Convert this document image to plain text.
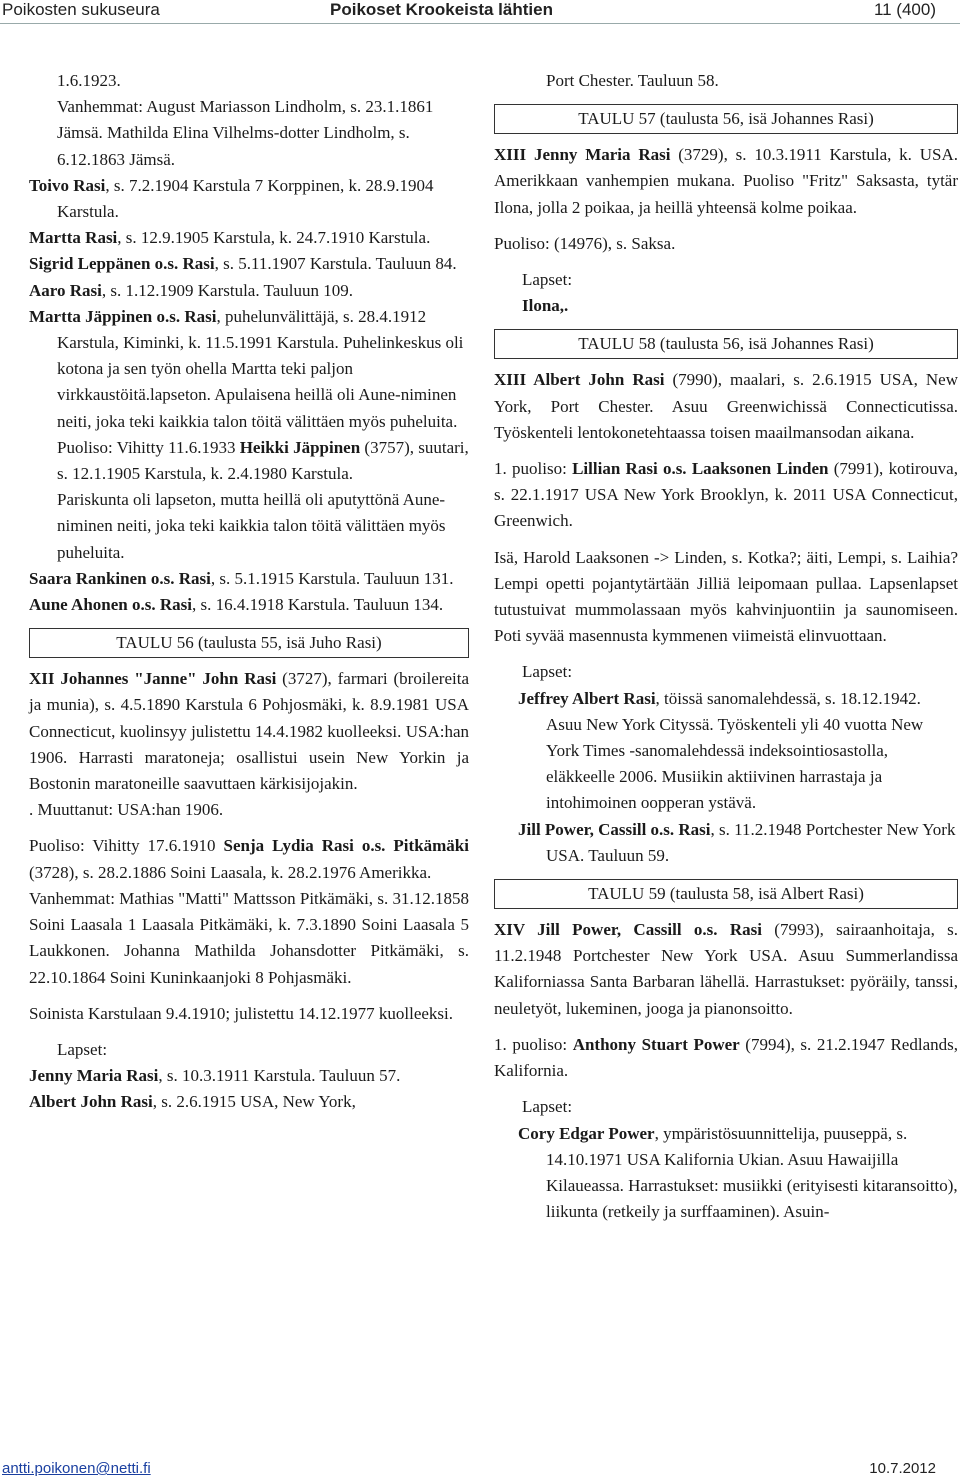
Poikosten sukuseura	Poikoset Krookeista lähtien	11 (400)

1.6.1923.

Vanhemmat: August Mariasson Lindholm, s. 23.1.1861 Jämsä. Mathilda Elina Vilhelms-dotter Lindholm, s. 6.12.1863 Jämsä.

Toivo Rasi, s. 7.2.1904 Karstula 7 Korppinen, k. 28.9.1904 Karstula.

Martta Rasi, s. 12.9.1905 Karstula, k. 24.7.1910 Karstula.

Sigrid Leppänen o.s. Rasi, s. 5.11.1907 Karstula. Tauluun 84.

Aaro Rasi, s. 1.12.1909 Karstula. Tauluun 109.

Martta Jäppinen o.s. Rasi, puhelunvälittäjä, s. 28.4.1912 Karstula, Kiminki, k. 11.5.1991 Karstula. Puhelinkeskus oli kotona ja sen työn ohella Martta teki paljon virkkaustöitä.lapseton. Apulaisena heillä oli Aune-niminen neiti, joka teki kaikkia talon töitä välittäen myös puheluita. Puoliso: Vihitty 11.6.1933 Heikki Jäppinen (3757), suutari, s. 12.1.1905 Karstula, k. 2.4.1980 Karstula.

Pariskunta oli lapseton, mutta heillä oli aputyttönä Aune-niminen neiti, joka teki kaikkia talon töitä välittäen myös puheluita.

Saara Rankinen o.s. Rasi, s. 5.1.1915 Karstula. Tauluun 131.

Aune Ahonen o.s. Rasi, s. 16.4.1918 Karstula. Tauluun 134.

TAULU 56 (taulusta 55, isä Juho Rasi)

XII Johannes "Janne" John Rasi (3727), farmari (broilereita ja munia), s. 4.5.1890 Karstula 6 Pohjosmäki, k. 8.9.1981 USA Connecticut, kuolinsyy julistettu 14.4.1982 kuolleeksi. USA:han 1906. Harrasti maratoneja; osallistui usein New Yorkin ja Bostonin maratoneille saavuttaen kärkisijojakin.

. Muuttanut: USA:han 1906.

Puoliso: Vihitty 17.6.1910 Senja Lydia Rasi o.s. Pitkämäki (3728), s. 28.2.1886 Soini Laasala, k. 28.2.1976 Amerikka.

Vanhemmat: Mathias "Matti" Mattsson Pitkämäki, s. 31.12.1858 Soini Laasala 1 Laasala Pitkämäki, k. 7.3.1890 Soini Laasala 5 Laukkonen. Johanna Mathilda Johansdotter Pitkämäki, s. 22.10.1864 Soini Kuninkaanjoki 8 Pohjasmäki.

Soinista Karstulaan 9.4.1910; julistettu 14.12.1977 kuolleeksi.

Lapset:

Jenny Maria Rasi, s. 10.3.1911 Karstula. Tauluun 57.

Albert John Rasi, s. 2.6.1915 USA, New York,

Port Chester. Tauluun 58.

TAULU 57 (taulusta 56, isä Johannes Rasi)

XIII Jenny Maria Rasi (3729), s. 10.3.1911 Karstula, k. USA. Amerikkaan vanhempien mukana. Puoliso "Fritz" Saksasta, tytär Ilona, jolla 2 poikaa, ja heillä yhteensä kolme poikaa.

Puoliso: (14976), s. Saksa.

Lapset:

Ilona,.

TAULU 58 (taulusta 56, isä Johannes Rasi)

XIII Albert John Rasi (7990), maalari, s. 2.6.1915 USA, New York, Port Chester. Asuu Greenwichissä Connecticutissa. Työskenteli lentokonetehtaassa toisen maailmansodan aikana.

1. puoliso: Lillian Rasi o.s. Laaksonen Linden (7991), kotirouva, s. 22.1.1917 USA New York Brooklyn, k. 2011 USA Connecticut, Greenwich.

Isä, Harold Laaksonen -> Linden, s. Kotka?; äiti, Lempi, s. Laihia? Lempi opetti pojantytärtään Jilliä leipomaan pullaa. Lapsenlapset tutustuivat mummolassaan myös kahvinjuontiin ja saunomiseen. Poti syvää masennusta kymmenen viimeistä elinvuottaan.

Lapset:

Jeffrey Albert Rasi, töissä sanomalehdessä, s. 18.12.1942. Asuu New York Cityssä. Työskenteli yli 40 vuotta New York Times -sanomalehdessä indeksointiosastolla, eläkkeelle 2006. Musiikin aktiivinen harrastaja ja intohimoinen oopperan ystävä.

Jill Power, Cassill o.s. Rasi, s. 11.2.1948 Portchester New York USA. Tauluun 59.

TAULU 59 (taulusta 58, isä Albert Rasi)

XIV Jill Power, Cassill o.s. Rasi (7993), sairaanhoitaja, s. 11.2.1948 Portchester New York USA. Asuu Summerlandissa Kaliforniassa Santa Barbaran lähellä. Harrastukset: pyöräily, tanssi, neuletyöt, lukeminen, jooga ja pianonsoitto.

1. puoliso: Anthony Stuart Power (7994), s. 21.2.1947 Redlands, Kalifornia.

Lapset:

Cory Edgar Power, ympäristösuunnittelija, puuseppä, s. 14.10.1971 USA Kalifornia Ukian. Asuu Hawaijilla Kilaueassa. Harrastukset: musiikki (erityisesti kitaransoitto), liikunta (retkeily ja surffaaminen). Asuin-

antti.poikonen@netti.fi	10.7.2012
